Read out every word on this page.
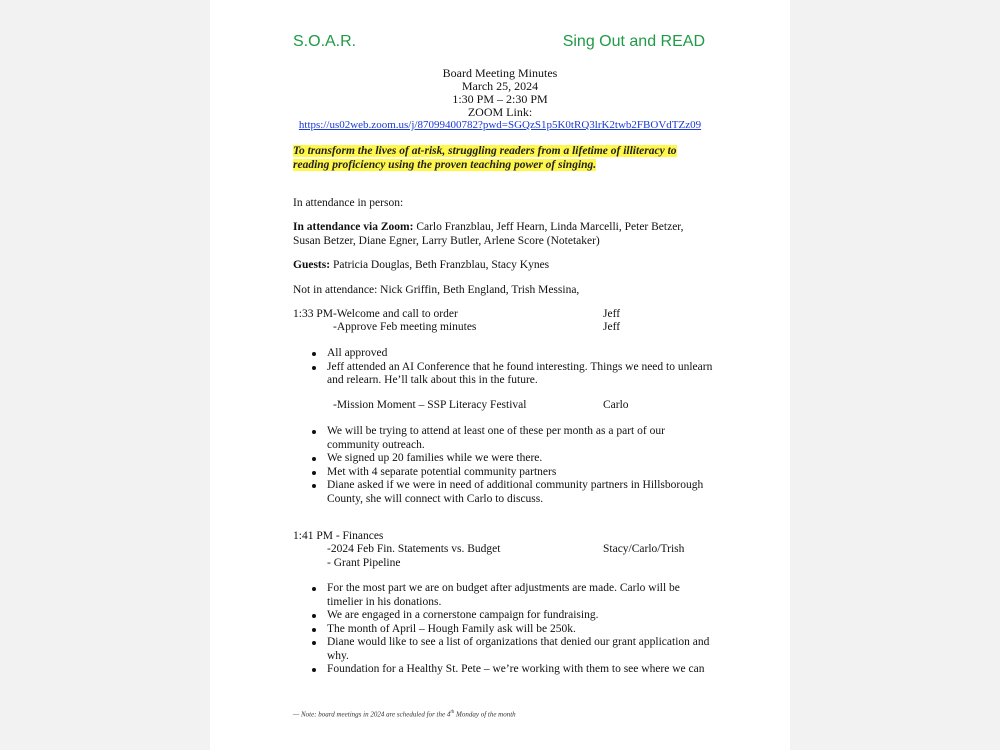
S.O.A.R.	Sing Out and READ
Board Meeting Minutes
March 25, 2024
1:30 PM – 2:30 PM
ZOOM Link:
https://us02web.zoom.us/j/87099400782?pwd=SGQzS1p5K0tRQ3lrK2twb2FBOVdTZz09
To transform the lives of at-risk, struggling readers from a lifetime of illiteracy to reading proficiency using the proven teaching power of singing.
In attendance in person:
In attendance via Zoom: Carlo Franzblau, Jeff Hearn, Linda Marcelli, Peter Betzer,
Susan Betzer, Diane Egner, Larry Butler, Arlene Score (Notetaker)
Guests: Patricia Douglas, Beth Franzblau, Stacy Kynes
Not in attendance: Nick Griffin, Beth England, Trish Messina,
1:33 PM-Welcome and call to order	Jeff
-Approve Feb meeting minutes	Jeff
All approved
Jeff attended an AI Conference that he found interesting. Things we need to unlearn and relearn. He’ll talk about this in the future.
-Mission Moment – SSP Literacy Festival	Carlo
We will be trying to attend at least one of these per month as a part of our community outreach.
We signed up 20 families while we were there.
Met with 4 separate potential community partners
Diane asked if we were in need of additional community partners in Hillsborough County, she will connect with Carlo to discuss.
1:41 PM - Finances
-2024 Feb Fin. Statements vs. Budget	Stacy/Carlo/Trish
- Grant Pipeline
For the most part we are on budget after adjustments are made. Carlo will be timelier in his donations.
We are engaged in a cornerstone campaign for fundraising.
The month of April – Hough Family ask will be 250k.
Diane would like to see a list of organizations that denied our grant application and why.
Foundation for a Healthy St. Pete – we’re working with them to see where we can
— Note: board meetings in 2024 are scheduled for the 4th Monday of the month
